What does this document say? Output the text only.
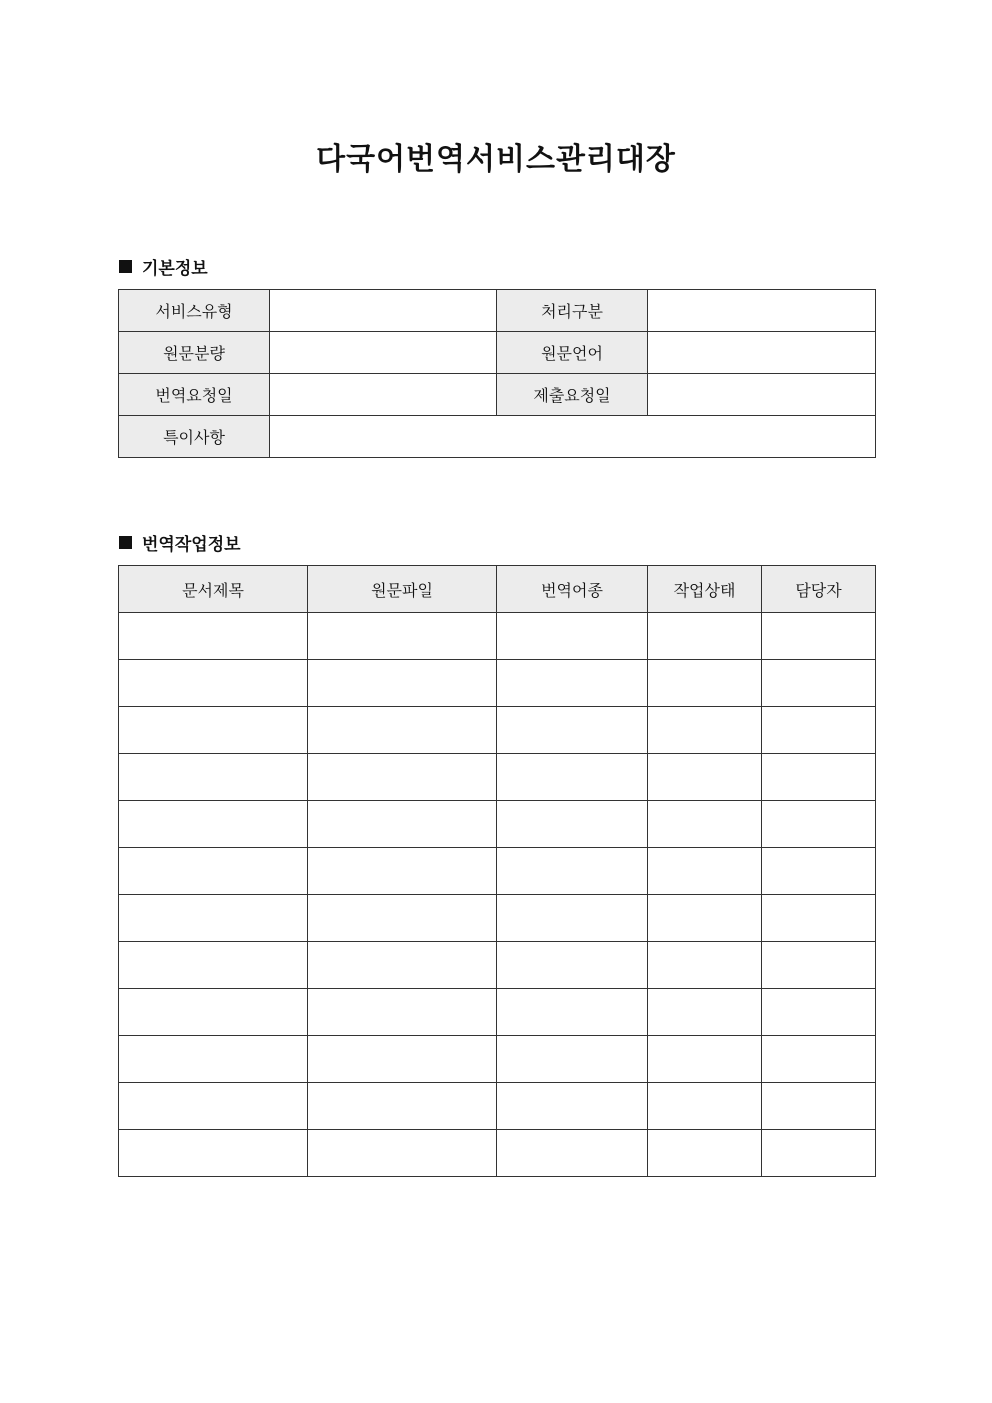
다국어번역서비스관리대장
기본정보
서비스유형		처리구분	
원문분량		원문언어	
번역요청일		제출요청일	
특이사항			
번역작업정보
문서제목	원문파일	번역어종	작업상태	담당자
